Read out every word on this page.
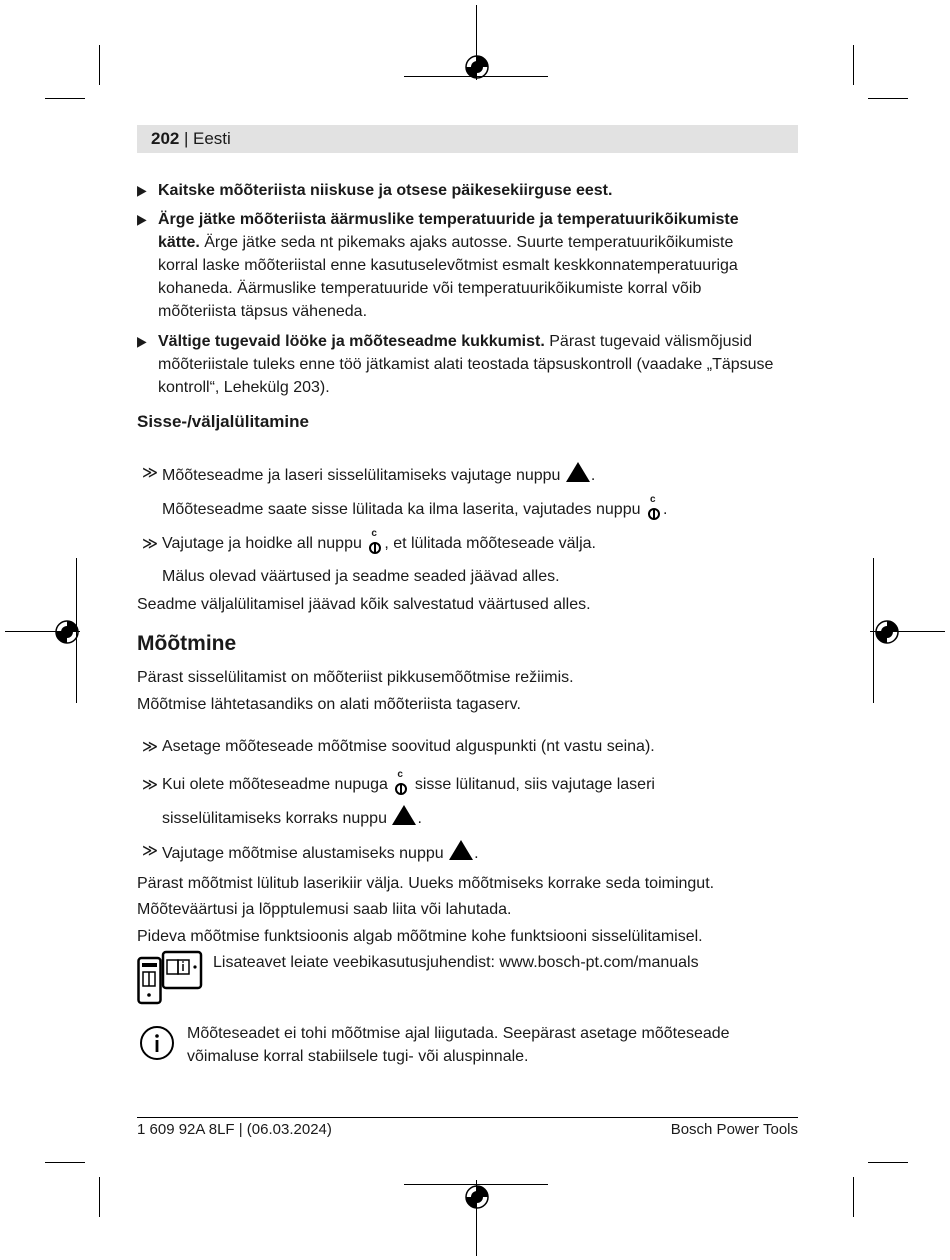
202 | Eesti
▶ Kaitske mõõteriista niiskuse ja otsese päikesekiirguse eest.
▶ Ärge jätke mõõteriista äärmuslike temperatuuride ja temperatuurikõikumiste
kätte. Ärge jätke seda nt pikemaks ajaks autosse. Suurte temperatuurikõikumiste
korral laske mõõteriistal enne kasutuselevõtmist esmalt keskkonnatemperatuuriga
kohaneda. Äärmuslike temperatuuride või temperatuurikõikumiste korral võib
mõõteriista täpsus väheneda.
▶ Vältige tugevaid lööke ja mõõteseadme kukkumist. Pärast tugevaid välismõjusid
mõõteriistale tuleks enne töö jätkamist alati teostada täpsuskontroll (vaadake „Täpsuse
kontroll“, Lehekülg 203).
Sisse-/väljalülitamine
≫ Mõõteseadme ja laseri sisselülitamiseks vajutage nuppu .
Mõõteseadme saate sisse lülitada ka ilma laserita, vajutades nuppu
c
.
≫ Vajutage ja hoidke all nuppu
c
, et lülitada mõõteseade välja.
Mälus olevad väärtused ja seadme seaded jäävad alles.
Seadme väljalülitamisel jäävad kõik salvestatud väärtused alles.
Mõõtmine
Pärast sisselülitamist on mõõteriist pikkusemõõtmise režiimis.
Mõõtmise lähtetasandiks on alati mõõteriista tagaserv.
≫ Asetage mõõteseade mõõtmise soovitud alguspunkti (nt vastu seina).
≫ Kui olete mõõteseadme nupuga
c
sisse lülitanud, siis vajutage laseri
sisselülitamiseks korraks nuppu .
≫ Vajutage mõõtmise alustamiseks nuppu .
Pärast mõõtmist lülitub laserikiir välja. Uueks mõõtmiseks korrake seda toimingut.
Mõõteväärtusi ja lõpptulemusi saab liita või lahutada.
Pideva mõõtmise funktsioonis algab mõõtmine kohe funktsiooni sisselülitamisel.
Lisateavet leiate veebikasutusjuhendist: www.bosch-pt.com/manuals
Mõõteseadet ei tohi mõõtmise ajal liigutada. Seepärast asetage mõõteseade
võimaluse korral stabiilsele tugi- või aluspinnale.
1 609 92A 8LF | (06.03.2024)	Bosch Power Tools
